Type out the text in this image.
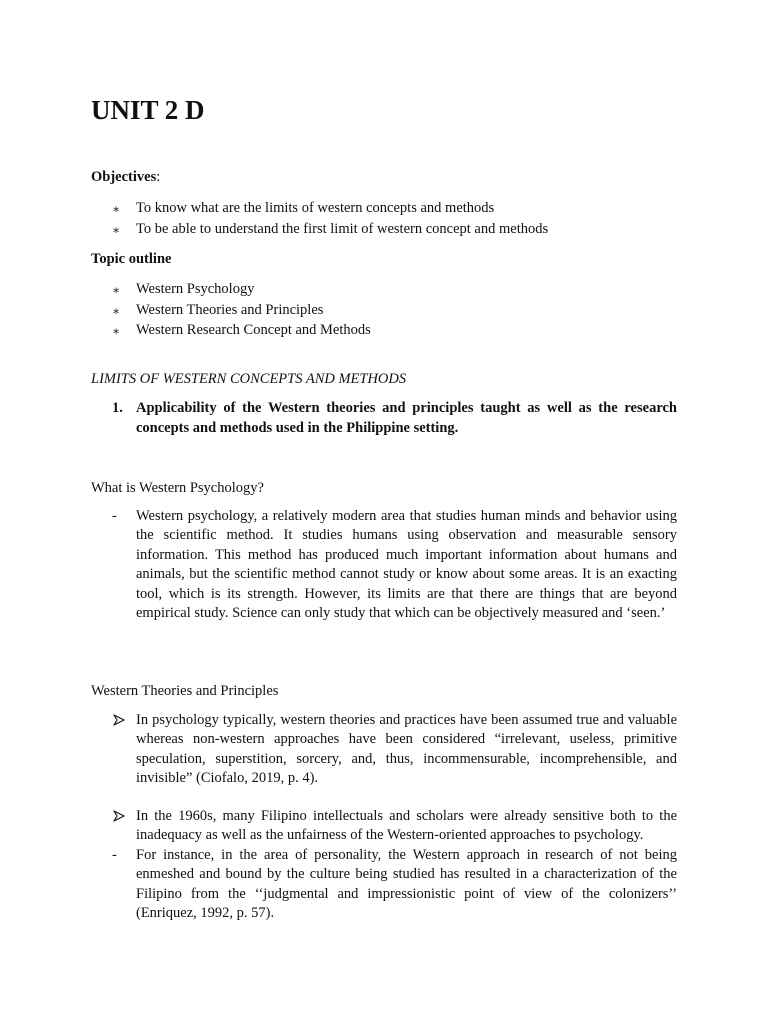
UNIT 2 D

Objectives:

∗ To know what are the limits of western concepts and methods
∗ To be able to understand the first limit of western concept and methods

Topic outline

∗ Western Psychology
∗ Western Theories and Principles
∗ Western Research Concept and Methods

LIMITS OF WESTERN CONCEPTS AND METHODS

1. Applicability of the Western theories and principles taught as well as the research concepts and methods used in the Philippine setting.

What is Western Psychology?

-	Western psychology, a relatively modern area that studies human minds and behavior using the scientific method. It studies humans using observation and measurable sensory information. This method has produced much important information about humans and animals, but the scientific method cannot study or know about some areas. It is an exacting tool, which is its strength. However, its limits are that there are things that are beyond empirical study. Science can only study that which can be objectively measured and ‘seen.’

Western Theories and Principles

In psychology typically, western theories and practices have been assumed true and valuable whereas non-western approaches have been considered “irrelevant, useless, primitive speculation, superstition, sorcery, and, thus, incommensurable, incomprehensible, and invisible” (Ciofalo, 2019, p. 4).
In the 1960s, many Filipino intellectuals and scholars were already sensitive both to the inadequacy as well as the unfairness of the Western-oriented approaches to psychology.
-	For instance, in the area of personality, the Western approach in research of not being enmeshed and bound by the culture being studied has resulted in a characterization of the Filipino from the ‘‘judgmental and impressionistic point of view of the colonizers’’ (Enriquez, 1992, p. 57).
